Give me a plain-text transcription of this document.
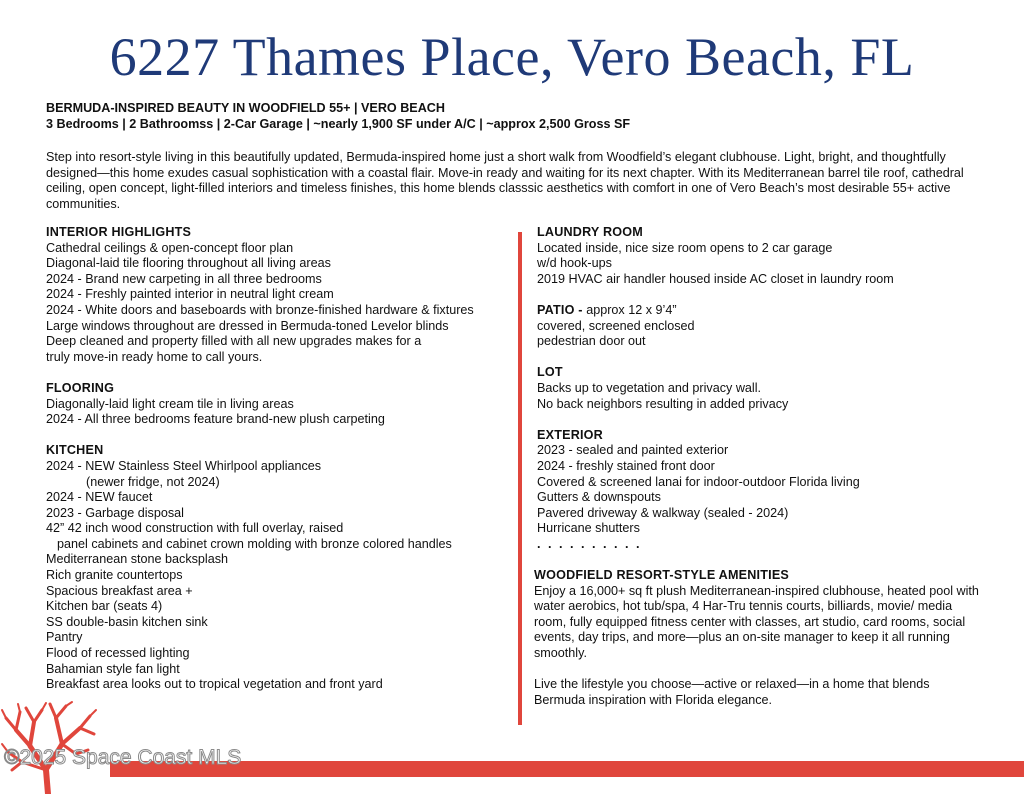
6227 Thames Place, Vero Beach, FL
BERMUDA-INSPIRED BEAUTY IN WOODFIELD 55+ | VERO BEACH
3 Bedrooms | 2 Bathroomss | 2-Car Garage | ~nearly 1,900 SF under A/C | ~approx 2,500 Gross SF
Step into resort-style living in this beautifully updated, Bermuda-inspired home just a short walk from Woodfield’s elegant clubhouse. Light, bright, and thoughtfully designed—this home exudes casual sophistication with a coastal flair. Move-in ready and waiting for its next chapter. With its Mediterranean barrel tile roof, cathedral ceiling, open concept, light-filled interiors and timeless finishes, this home blends classsic aesthetics with comfort in one of Vero Beach’s most desirable 55+ active communities.
INTERIOR HIGHLIGHTS
Cathedral ceilings & open-concept floor plan
Diagonal-laid tile flooring throughout all living areas
2024 - Brand new carpeting in all three bedrooms
2024 - Freshly painted interior in neutral light cream
2024 - White doors and baseboards with bronze-finished hardware & fixtures
Large windows throughout are dressed in Bermuda-toned Levelor blinds
Deep cleaned and property filled with all new upgrades makes for a
truly move-in ready home to call yours.
FLOORING
Diagonally-laid light cream tile in living areas
2024 - All three bedrooms feature brand-new plush carpeting
KITCHEN
2024 - NEW Stainless Steel Whirlpool appliances
(newer fridge, not 2024)
2024 - NEW faucet
2023 - Garbage disposal
42” 42 inch wood construction with full overlay, raised
panel cabinets and cabinet crown molding with bronze colored handles
Mediterranean stone backsplash
Rich granite countertops
Spacious breakfast area +
Kitchen bar (seats 4)
SS double-basin kitchen sink
Pantry
Flood of recessed lighting
Bahamian style fan light
Breakfast area looks out to tropical vegetation and front yard
LAUNDRY ROOM
Located inside, nice size room opens to 2 car garage
w/d hook-ups
2019 HVAC air handler housed inside AC closet in laundry room
PATIO - approx 12 x 9’4”
covered, screened enclosed
pedestrian door out
LOT
Backs up to vegetation and privacy wall.
No back neighbors resulting in added privacy
EXTERIOR
2023 - sealed and painted exterior
2024 - freshly stained front door
Covered & screened lanai for indoor-outdoor Florida living
Gutters & downspouts
Pavered driveway & walkway (sealed - 2024)
Hurricane shutters
. . . . . . . . . .
WOODFIELD RESORT-STYLE AMENITIES
Enjoy a 16,000+ sq ft plush Mediterranean-inspired clubhouse, heated pool with water aerobics, hot tub/spa, 4 Har-Tru tennis courts, billiards, movie/ media room, fully equipped fitness center with classes, art studio, card rooms, social events, day trips, and more—plus an on-site manager to keep it all running smoothly.
Live the lifestyle you choose—active or relaxed—in a home that blends Bermuda inspiration with Florida elegance.
©2025 Space Coast MLS
